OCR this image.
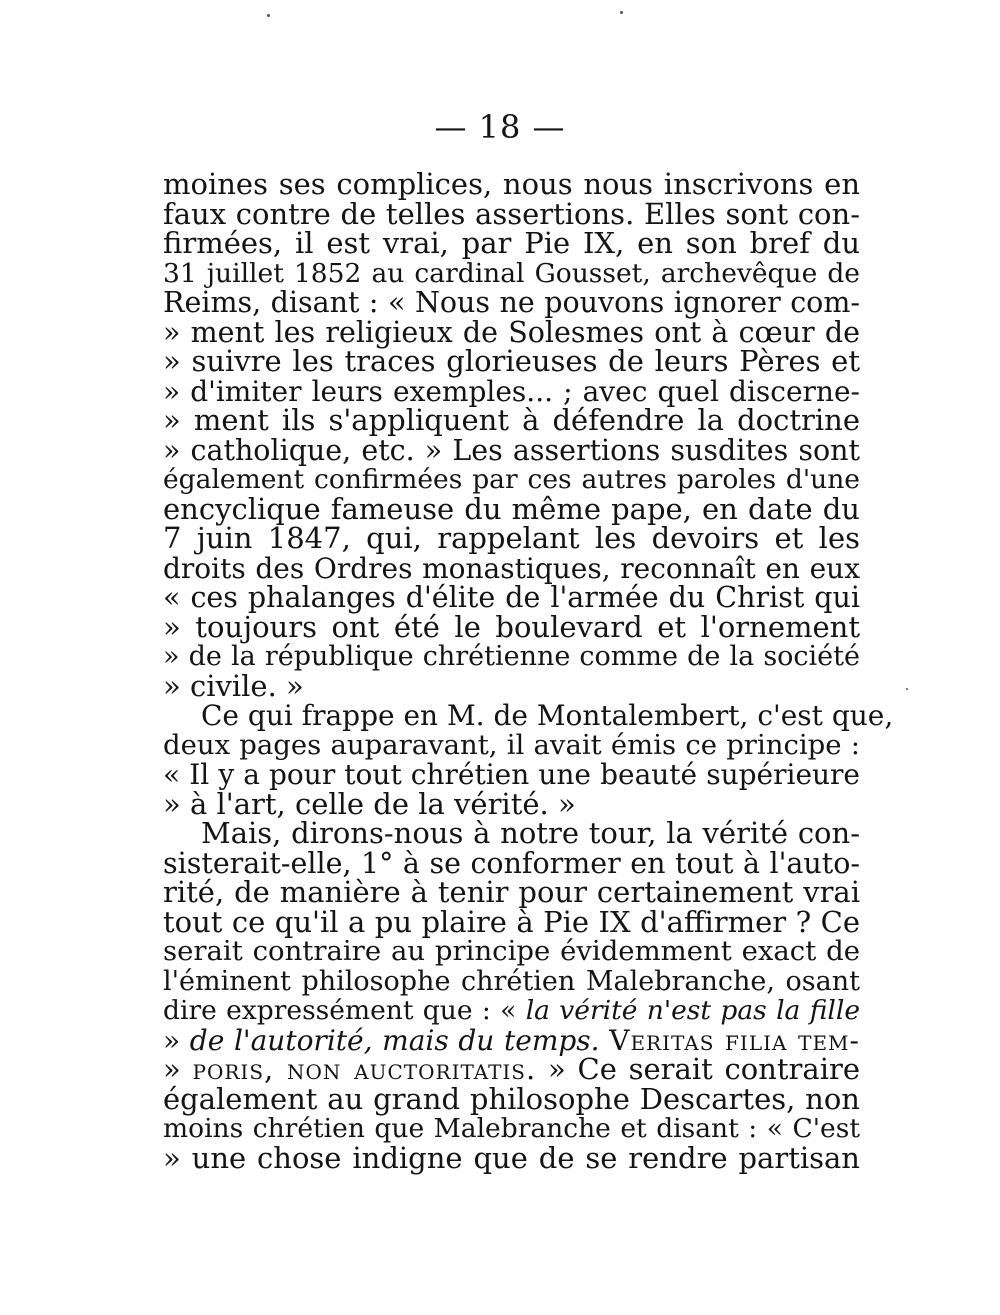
— 18 —
moines ses complices, nous nous inscrivons en
faux contre de telles assertions. Elles sont con-
firmées, il est vrai, par Pie IX, en son bref du
31 juillet 1852 au cardinal Gousset, archevêque de
Reims, disant : « Nous ne pouvons ignorer com-
» ment les religieux de Solesmes ont à cœur de
» suivre les traces glorieuses de leurs Pères et
» d'imiter leurs exemples... ; avec quel discerne-
» ment ils s'appliquent à défendre la doctrine
» catholique, etc. » Les assertions susdites sont
également confirmées par ces autres paroles d'une
encyclique fameuse du même pape, en date du
7 juin 1847, qui, rappelant les devoirs et les
droits des Ordres monastiques, reconnaît en eux
« ces phalanges d'élite de l'armée du Christ qui
» toujours ont été le boulevard et l'ornement
» de la république chrétienne comme de la société
» civile. »
Ce qui frappe en M. de Montalembert, c'est que,
deux pages auparavant, il avait émis ce principe :
« Il y a pour tout chrétien une beauté supérieure
» à l'art, celle de la vérité. »
Mais, dirons-nous à notre tour, la vérité con-
sisterait-elle, 1° à se conformer en tout à l'auto-
rité, de manière à tenir pour certainement vrai
tout ce qu'il a pu plaire à Pie IX d'affirmer ? Ce
serait contraire au principe évidemment exact de
l'éminent philosophe chrétien Malebranche, osant
dire expressément que : « la vérité n'est pas la fille
» de l'autorité, mais du temps. Veritas filia tem-
» poris, non auctoritatis. » Ce serait contraire
également au grand philosophe Descartes, non
moins chrétien que Malebranche et disant : « C'est
» une chose indigne que de se rendre partisan
